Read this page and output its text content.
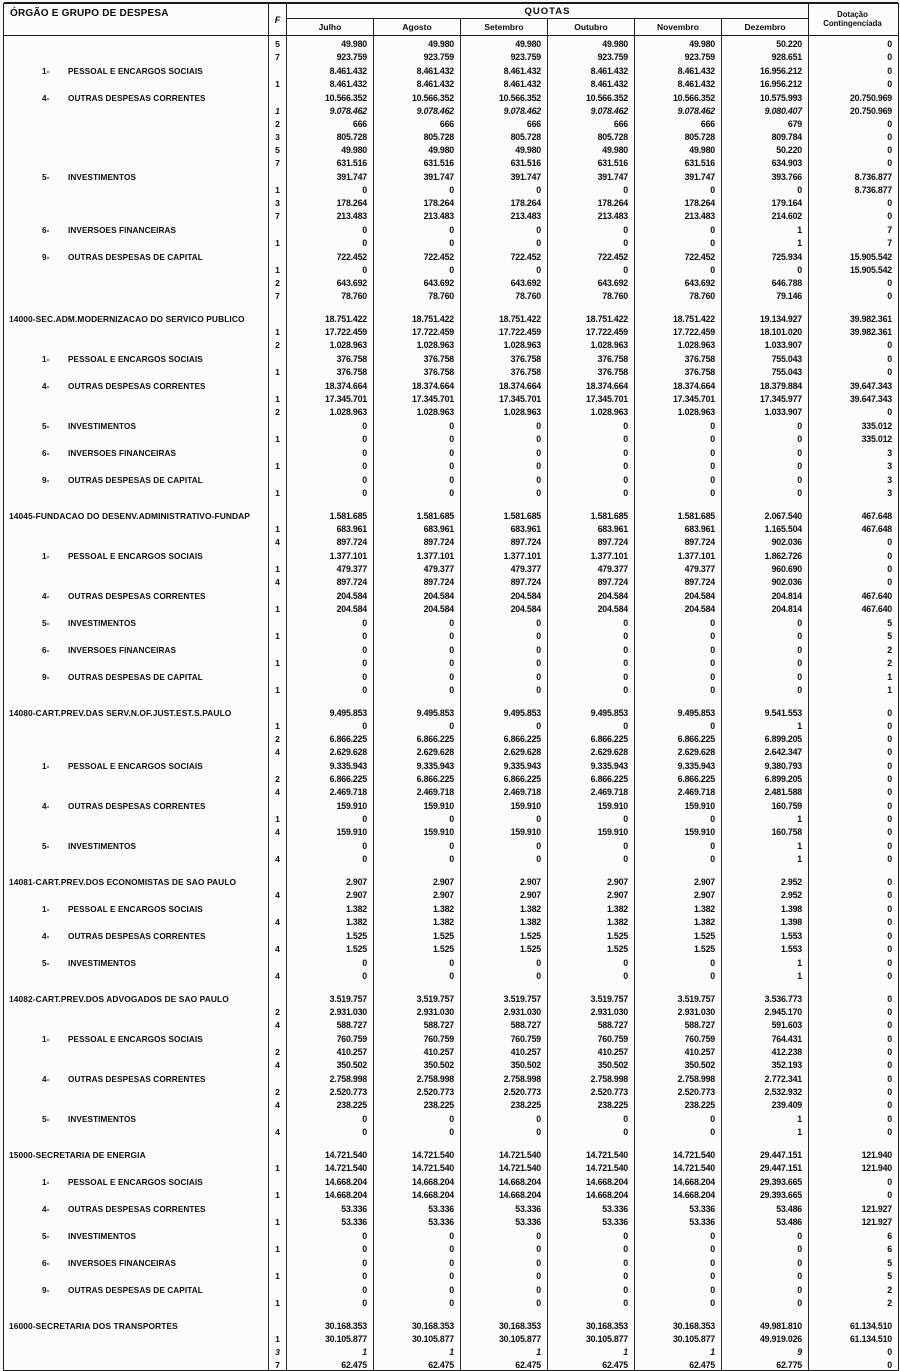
ÓRGÃO E GRUPO DE DESPESA
F
QUOTAS
Julho	Agosto	Setembro	Outubro	Novembro	Dezembro
Dotação
Contingenciada
5	49.980	49.980	49.980	49.980	49.980	50.220	0
7	923.759	923.759	923.759	923.759	923.759	928.651	0
1-	PESSOAL E ENCARGOS SOCIAIS	8.461.432	8.461.432	8.461.432	8.461.432	8.461.432	16.956.212	0
1	8.461.432	8.461.432	8.461.432	8.461.432	8.461.432	16.956.212	0
4-	OUTRAS DESPESAS CORRENTES	10.566.352	10.566.352	10.566.352	10.566.352	10.566.352	10.575.993	20.750.969
1	9.078.462	9.078.462	9.078.462	9.078.462	9.078.462	9.080.407	20.750.969
2	666	666	666	666	666	679	0
3	805.728	805.728	805.728	805.728	805.728	809.784	0
5	49.980	49.980	49.980	49.980	49.980	50.220	0
7	631.516	631.516	631.516	631.516	631.516	634.903	0
5-	INVESTIMENTOS	391.747	391.747	391.747	391.747	391.747	393.766	8.736.877
1	0	0	0	0	0	0	8.736.877
3	178.264	178.264	178.264	178.264	178.264	179.164	0
7	213.483	213.483	213.483	213.483	213.483	214.602	0
6-	INVERSOES FINANCEIRAS	0	0	0	0	0	1	7
1	0	0	0	0	0	1	7
9-	OUTRAS DESPESAS DE CAPITAL	722.452	722.452	722.452	722.452	722.452	725.934	15.905.542
1	0	0	0	0	0	0	15.905.542
2	643.692	643.692	643.692	643.692	643.692	646.788	0
7	78.760	78.760	78.760	78.760	78.760	79.146	0
14000-SEC.ADM.MODERNIZACAO DO SERVICO PUBLICO	18.751.422	18.751.422	18.751.422	18.751.422	18.751.422	19.134.927	39.982.361
1	17.722.459	17.722.459	17.722.459	17.722.459	17.722.459	18.101.020	39.982.361
2	1.028.963	1.028.963	1.028.963	1.028.963	1.028.963	1.033.907	0
1-	PESSOAL E ENCARGOS SOCIAIS	376.758	376.758	376.758	376.758	376.758	755.043	0
1	376.758	376.758	376.758	376.758	376.758	755.043	0
4-	OUTRAS DESPESAS CORRENTES	18.374.664	18.374.664	18.374.664	18.374.664	18.374.664	18.379.884	39.647.343
1	17.345.701	17.345.701	17.345.701	17.345.701	17.345.701	17.345.977	39.647.343
2	1.028.963	1.028.963	1.028.963	1.028.963	1.028.963	1.033.907	0
5-	INVESTIMENTOS	0	0	0	0	0	0	335.012
1	0	0	0	0	0	0	335.012
6-	INVERSOES FINANCEIRAS	0	0	0	0	0	0	3
1	0	0	0	0	0	0	3
9-	OUTRAS DESPESAS DE CAPITAL	0	0	0	0	0	0	3
1	0	0	0	0	0	0	3
14045-FUNDACAO DO DESENV.ADMINISTRATIVO-FUNDAP	1.581.685	1.581.685	1.581.685	1.581.685	1.581.685	2.067.540	467.648
1	683.961	683.961	683.961	683.961	683.961	1.165.504	467.648
4	897.724	897.724	897.724	897.724	897.724	902.036	0
1-	PESSOAL E ENCARGOS SOCIAIS	1.377.101	1.377.101	1.377.101	1.377.101	1.377.101	1.862.726	0
1	479.377	479.377	479.377	479.377	479.377	960.690	0
4	897.724	897.724	897.724	897.724	897.724	902.036	0
4-	OUTRAS DESPESAS CORRENTES	204.584	204.584	204.584	204.584	204.584	204.814	467.640
1	204.584	204.584	204.584	204.584	204.584	204.814	467.640
5-	INVESTIMENTOS	0	0	0	0	0	0	5
1	0	0	0	0	0	0	5
6-	INVERSOES FINANCEIRAS	0	0	0	0	0	0	2
1	0	0	0	0	0	0	2
9-	OUTRAS DESPESAS DE CAPITAL	0	0	0	0	0	0	1
1	0	0	0	0	0	0	1
14080-CART.PREV.DAS SERV.N.OF.JUST.EST.S.PAULO	9.495.853	9.495.853	9.495.853	9.495.853	9.495.853	9.541.553	0
1	0	0	0	0	0	1	0
2	6.866.225	6.866.225	6.866.225	6.866.225	6.866.225	6.899.205	0
4	2.629.628	2.629.628	2.629.628	2.629.628	2.629.628	2.642.347	0
1-	PESSOAL E ENCARGOS SOCIAIS	9.335.943	9.335.943	9.335.943	9.335.943	9.335.943	9.380.793	0
2	6.866.225	6.866.225	6.866.225	6.866.225	6.866.225	6.899.205	0
4	2.469.718	2.469.718	2.469.718	2.469.718	2.469.718	2.481.588	0
4-	OUTRAS DESPESAS CORRENTES	159.910	159.910	159.910	159.910	159.910	160.759	0
1	0	0	0	0	0	1	0
4	159.910	159.910	159.910	159.910	159.910	160.758	0
5-	INVESTIMENTOS	0	0	0	0	0	1	0
4	0	0	0	0	0	1	0
14081-CART.PREV.DOS ECONOMISTAS DE SAO PAULO	2.907	2.907	2.907	2.907	2.907	2.952	0
4	2.907	2.907	2.907	2.907	2.907	2.952	0
1-	PESSOAL E ENCARGOS SOCIAIS	1.382	1.382	1.382	1.382	1.382	1.398	0
4	1.382	1.382	1.382	1.382	1.382	1.398	0
4-	OUTRAS DESPESAS CORRENTES	1.525	1.525	1.525	1.525	1.525	1.553	0
4	1.525	1.525	1.525	1.525	1.525	1.553	0
5-	INVESTIMENTOS	0	0	0	0	0	1	0
4	0	0	0	0	0	1	0
14082-CART.PREV.DOS ADVOGADOS DE SAO PAULO	3.519.757	3.519.757	3.519.757	3.519.757	3.519.757	3.536.773	0
2	2.931.030	2.931.030	2.931.030	2.931.030	2.931.030	2.945.170	0
4	588.727	588.727	588.727	588.727	588.727	591.603	0
1-	PESSOAL E ENCARGOS SOCIAIS	760.759	760.759	760.759	760.759	760.759	764.431	0
2	410.257	410.257	410.257	410.257	410.257	412.238	0
4	350.502	350.502	350.502	350.502	350.502	352.193	0
4-	OUTRAS DESPESAS CORRENTES	2.758.998	2.758.998	2.758.998	2.758.998	2.758.998	2.772.341	0
2	2.520.773	2.520.773	2.520.773	2.520.773	2.520.773	2.532.932	0
4	238.225	238.225	238.225	238.225	238.225	239.409	0
5-	INVESTIMENTOS	0	0	0	0	0	1	0
4	0	0	0	0	0	1	0
15000-SECRETARIA DE ENERGIA	14.721.540	14.721.540	14.721.540	14.721.540	14.721.540	29.447.151	121.940
1	14.721.540	14.721.540	14.721.540	14.721.540	14.721.540	29.447.151	121.940
1-	PESSOAL E ENCARGOS SOCIAIS	14.668.204	14.668.204	14.668.204	14.668.204	14.668.204	29.393.665	0
1	14.668.204	14.668.204	14.668.204	14.668.204	14.668.204	29.393.665	0
4-	OUTRAS DESPESAS CORRENTES	53.336	53.336	53.336	53.336	53.336	53.486	121.927
1	53.336	53.336	53.336	53.336	53.336	53.486	121.927
5-	INVESTIMENTOS	0	0	0	0	0	0	6
1	0	0	0	0	0	0	6
6-	INVERSOES FINANCEIRAS	0	0	0	0	0	0	5
1	0	0	0	0	0	0	5
9-	OUTRAS DESPESAS DE CAPITAL	0	0	0	0	0	0	2
1	0	0	0	0	0	0	2
16000-SECRETARIA DOS TRANSPORTES	30.168.353	30.168.353	30.168.353	30.168.353	30.168.353	49.981.810	61.134.510
1	30.105.877	30.105.877	30.105.877	30.105.877	30.105.877	49.919.026	61.134.510
3	1	1	1	1	1	9	0
7	62.475	62.475	62.475	62.475	62.475	62.775	0
